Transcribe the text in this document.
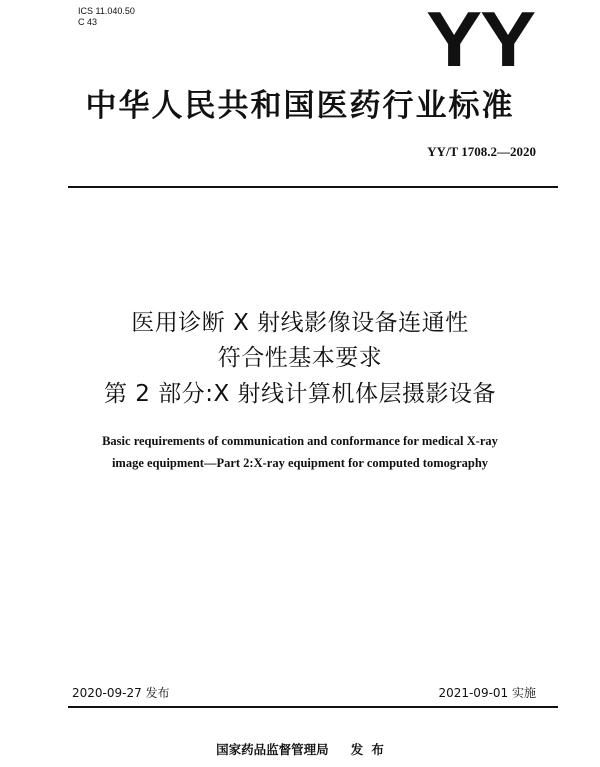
ICS 11.040.50
C 43	YY
中华人民共和国医药行业标准
YY/T 1708.2—2020
医用诊断 X 射线影像设备连通性
符合性基本要求
第 2 部分:X 射线计算机体层摄影设备
Basic requirements of communication and conformance for medical X-ray
image equipment—Part 2:X-ray equipment for computed tomography
2020-09-27 发布	2021-09-01 实施
国家药品监督管理局 发 布
